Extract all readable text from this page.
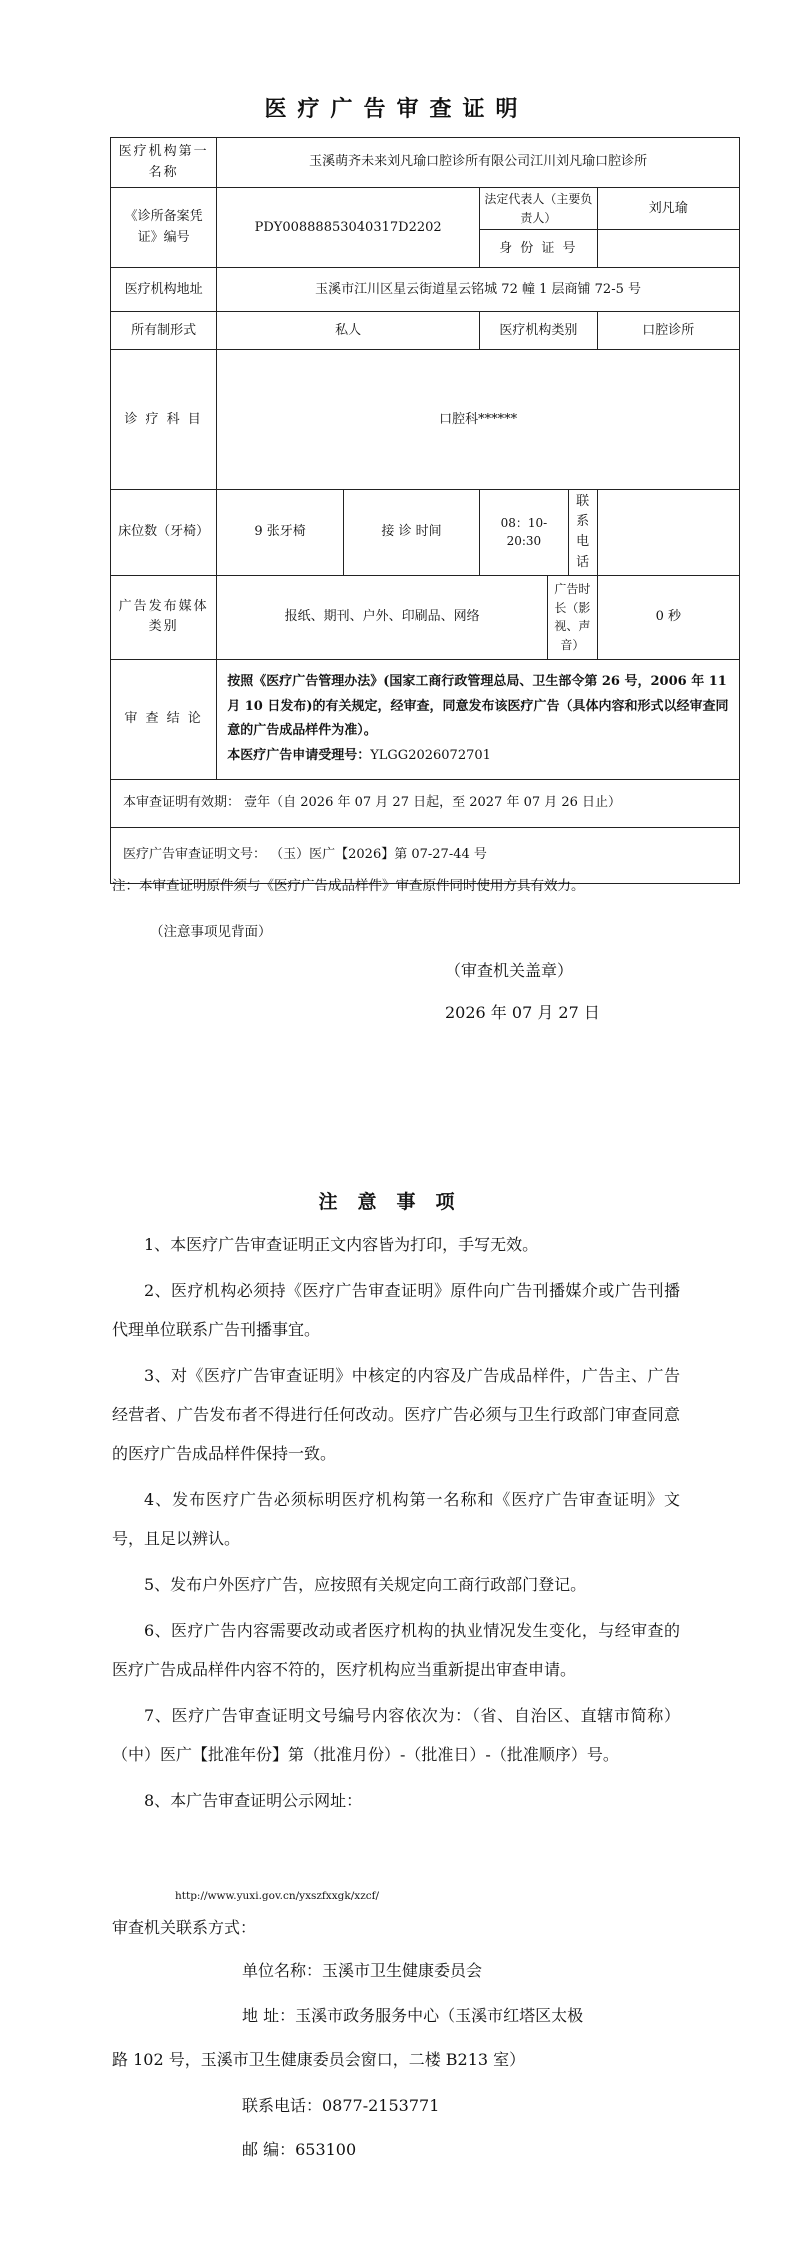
医疗广告审查证明
医疗机构第一名称	玉溪萌齐未来刘凡瑜口腔诊所有限公司江川刘凡瑜口腔诊所					
《诊所备案凭证》编号	PDY00888853040317D2202		法定代表人（主要负责人）			刘凡瑜
			身 份 证 号			
医疗机构地址	玉溪市江川区星云街道星云铭城 72 幢 1 层商铺 72-5 号					
所有制形式	私人		医疗机构类别			口腔诊所
诊 疗 科 目	口腔科******					
床位数（牙椅）	9 张牙椅	接 诊 时间	08：10-20:30		联 系 电 话	
广告发布媒体类别	报纸、期刊、户外、印刷品、网络			广告时长（影视、声音）		0 秒
审 查 结 论	按照《医疗广告管理办法》(国家工商行政管理总局、卫生部令第 26 号，2006 年 11 月 10 日发布)的有关规定，经审查，同意发布该医疗广告（具体内容和形式以经审查同意的广告成品样件为准）。
本医疗广告申请受理号：YLGG2026072701					

本审查证明有效期： 壹年（自 2026 年 07 月 27 日起，至 2027 年 07 月 26 日止）						
医疗广告审查证明文号： （玉）医广【2026】第 07-27-44 号						
注：本审查证明原件须与《医疗广告成品样件》审查原件同时使用方具有效力。
（注意事项见背面）
（审查机关盖章）
2026 年 07 月 27 日
注意事项

1、本医疗广告审查证明正文内容皆为打印，手写无效。

2、医疗机构必须持《医疗广告审查证明》原件向广告刊播媒介或广告刊播代理单位联系广告刊播事宜。

3、对《医疗广告审查证明》中核定的内容及广告成品样件，广告主、广告经营者、广告发布者不得进行任何改动。医疗广告必须与卫生行政部门审查同意的医疗广告成品样件保持一致。

4、发布医疗广告必须标明医疗机构第一名称和《医疗广告审查证明》文号，且足以辨认。

5、发布户外医疗广告，应按照有关规定向工商行政部门登记。

6、医疗广告内容需要改动或者医疗机构的执业情况发生变化，与经审查的医疗广告成品样件内容不符的，医疗机构应当重新提出审查申请。

7、医疗广告审查证明文号编号内容依次为：（省、自治区、直辖市简称）（中）医广【批准年份】第（批准月份）-（批准日）-（批准顺序）号。

8、本广告审查证明公示网址：

http://www.yuxi.gov.cn/yxszfxxgk/xzcf/
审查机关联系方式：
单位名称：玉溪市卫生健康委员会
地 址：玉溪市政务服务中心（玉溪市红塔区太极
路 102 号，玉溪市卫生健康委员会窗口，二楼 B213 室）
联系电话：0877-2153771
邮 编：653100
